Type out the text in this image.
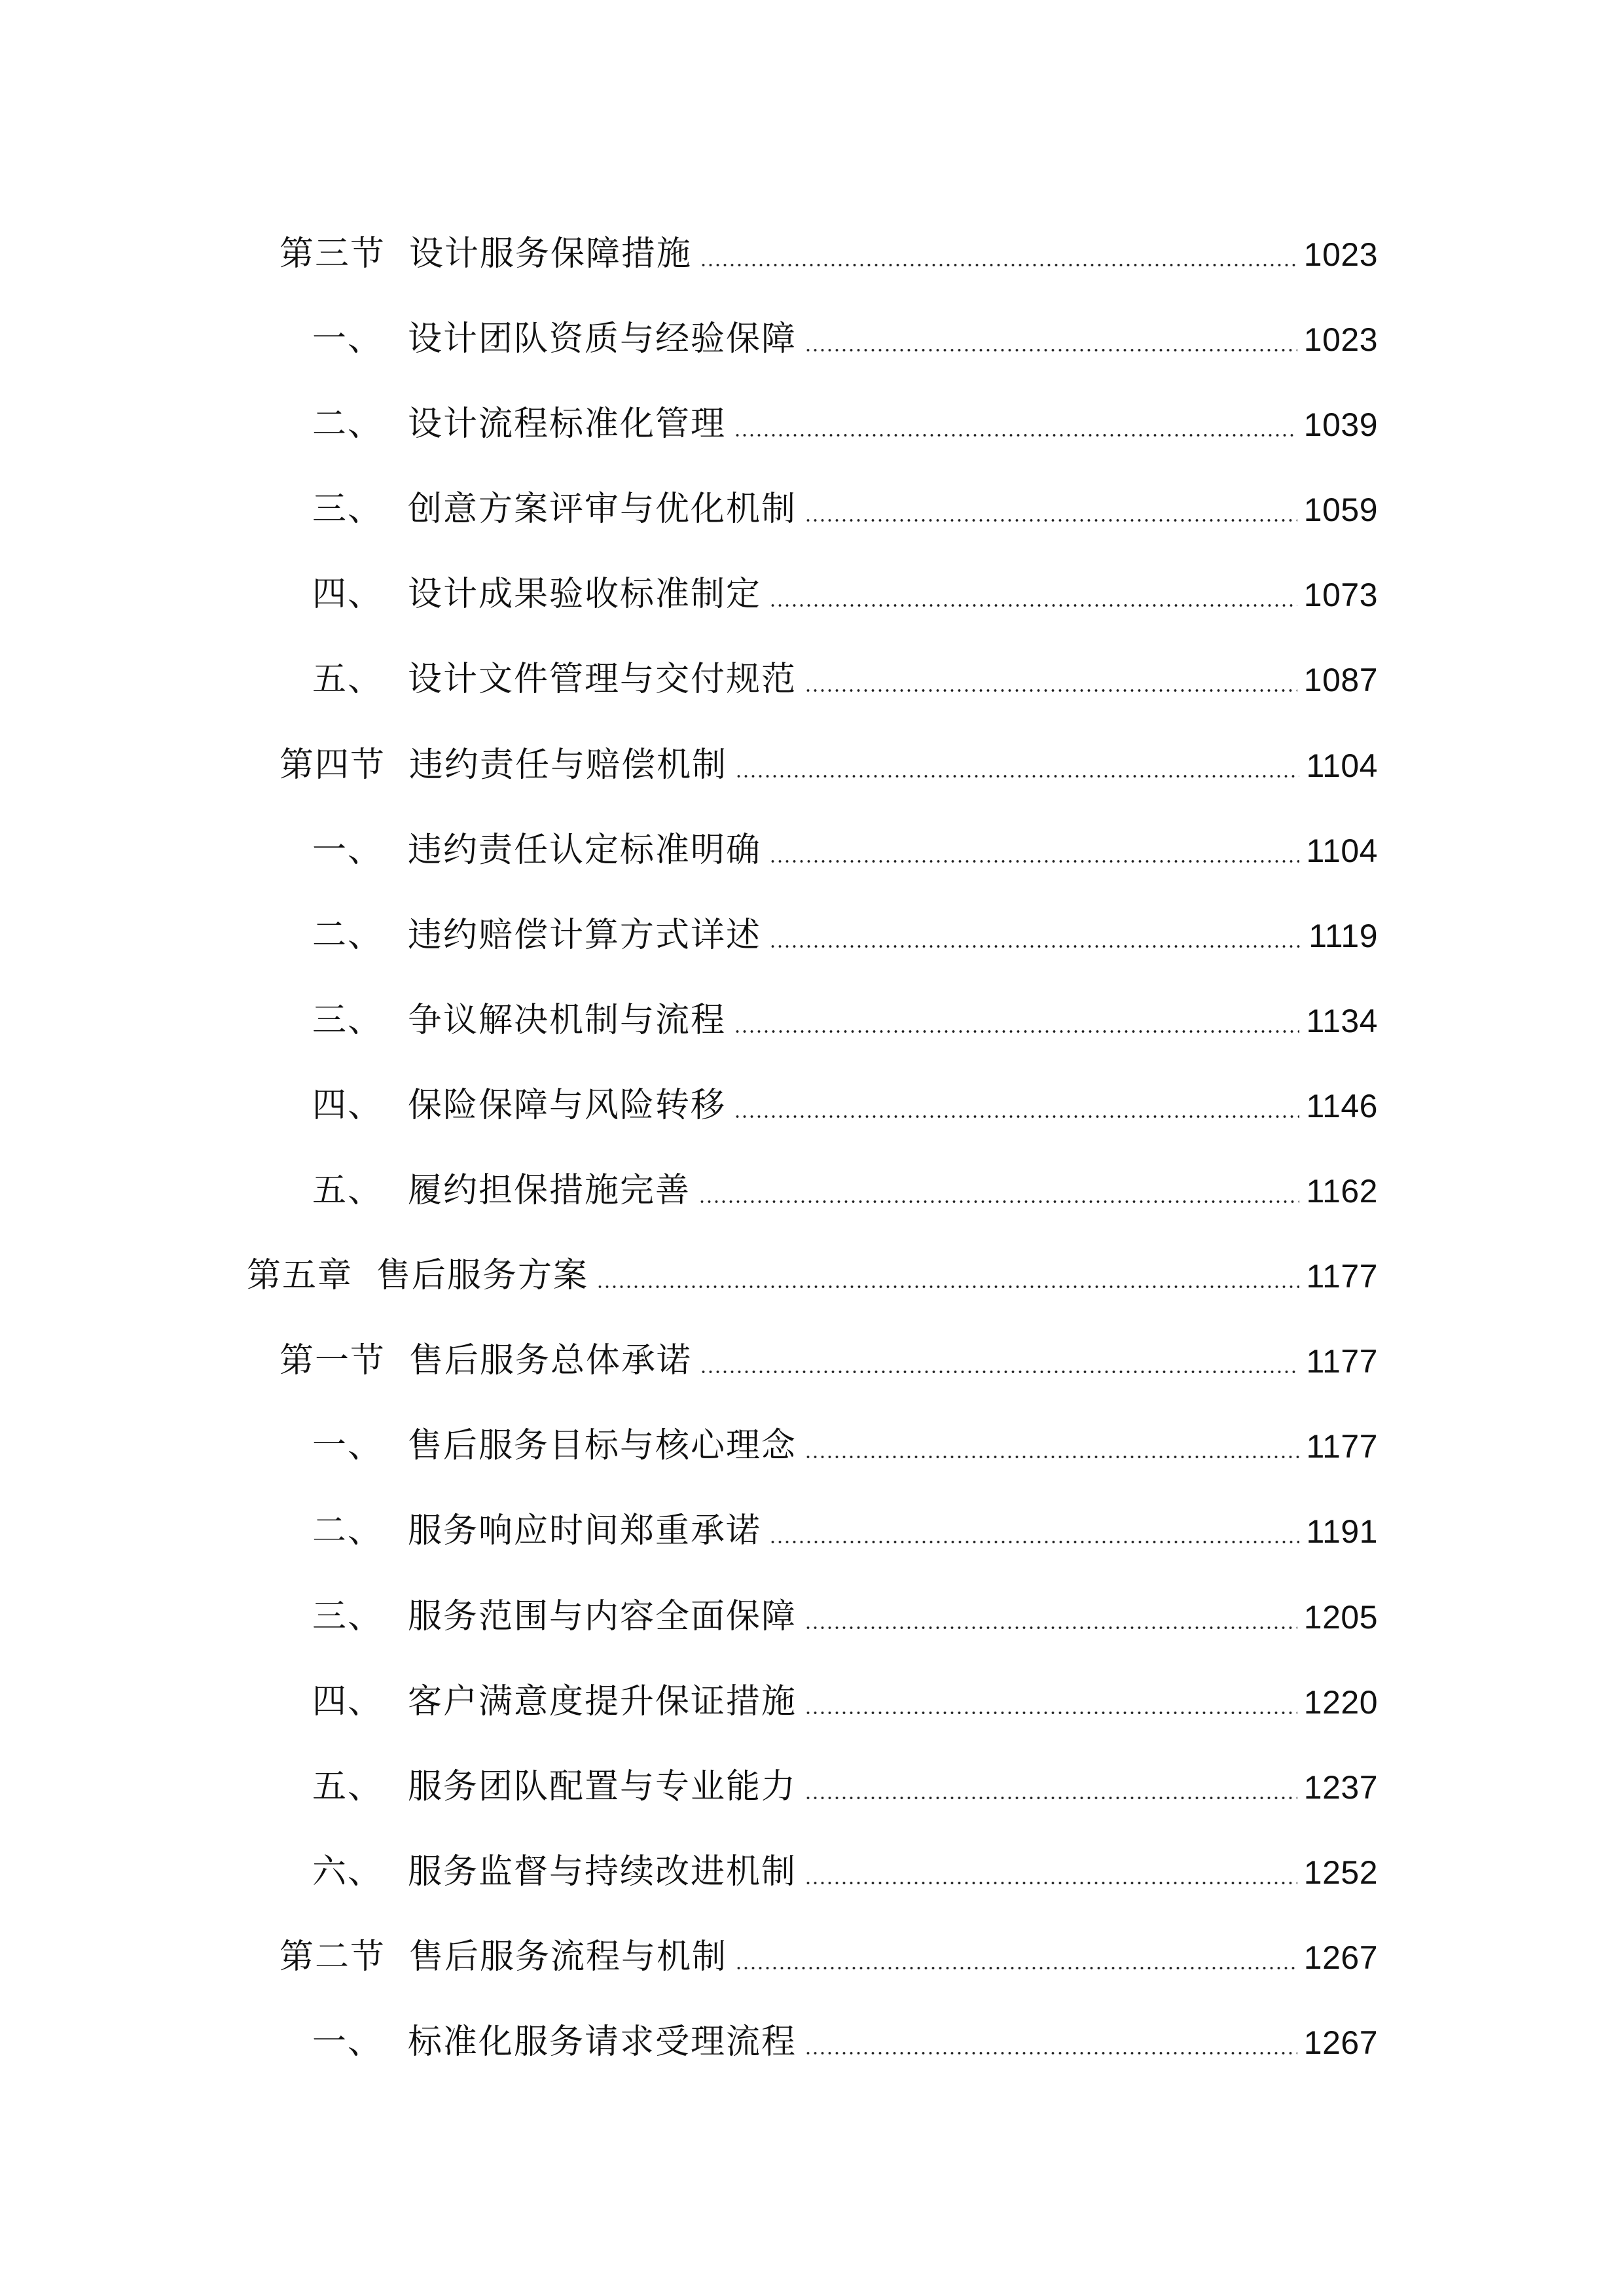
第三节 设计服务保障措施	1023
一、 设计团队资质与经验保障	1023
二、 设计流程标准化管理	1039
三、 创意方案评审与优化机制	1059
四、 设计成果验收标准制定	1073
五、 设计文件管理与交付规范	1087
第四节 违约责任与赔偿机制	1104
一、 违约责任认定标准明确	1104
二、 违约赔偿计算方式详述	1119
三、 争议解决机制与流程	1134
四、 保险保障与风险转移	1146
五、 履约担保措施完善	1162
第五章 售后服务方案	1177
第一节 售后服务总体承诺	1177
一、 售后服务目标与核心理念	1177
二、 服务响应时间郑重承诺	1191
三、 服务范围与内容全面保障	1205
四、 客户满意度提升保证措施	1220
五、 服务团队配置与专业能力	1237
六、 服务监督与持续改进机制	1252
第二节 售后服务流程与机制	1267
一、 标准化服务请求受理流程	1267
